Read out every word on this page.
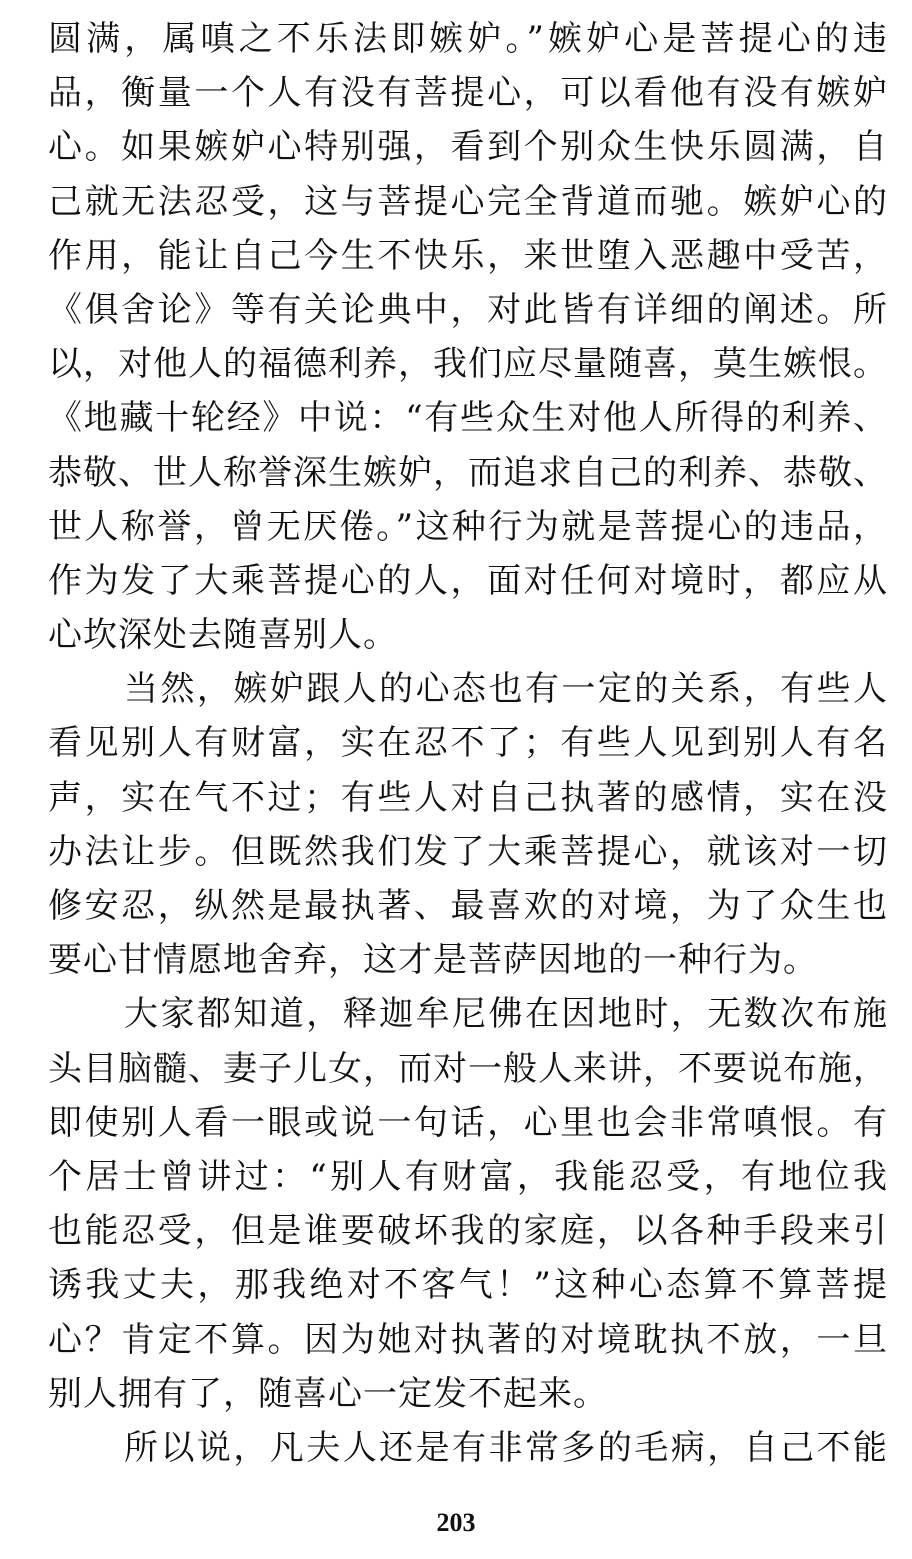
圆满，属嗔之不乐法即嫉妒。”嫉妒心是菩提心的违
品，衡量一个人有没有菩提心，可以看他有没有嫉妒
心。如果嫉妒心特别强，看到个别众生快乐圆满，自
己就无法忍受，这与菩提心完全背道而驰。嫉妒心的
作用，能让自己今生不快乐，来世堕入恶趣中受苦，
《俱舍论》等有关论典中，对此皆有详细的阐述。所
以，对他人的福德利养，我们应尽量随喜，莫生嫉恨。
《地藏十轮经》中说：“有些众生对他人所得的利养、
恭敬、世人称誉深生嫉妒，而追求自己的利养、恭敬、
世人称誉，曾无厌倦。”这种行为就是菩提心的违品，
作为发了大乘菩提心的人，面对任何对境时，都应从
心坎深处去随喜别人。
当然，嫉妒跟人的心态也有一定的关系，有些人
看见别人有财富，实在忍不了；有些人见到别人有名
声，实在气不过；有些人对自己执著的感情，实在没
办法让步。但既然我们发了大乘菩提心，就该对一切
修安忍，纵然是最执著、最喜欢的对境，为了众生也
要心甘情愿地舍弃，这才是菩萨因地的一种行为。
大家都知道，释迦牟尼佛在因地时，无数次布施
头目脑髓、妻子儿女，而对一般人来讲，不要说布施，
即使别人看一眼或说一句话，心里也会非常嗔恨。有
个居士曾讲过：“别人有财富，我能忍受，有地位我
也能忍受，但是谁要破坏我的家庭，以各种手段来引
诱我丈夫，那我绝对不客气！”这种心态算不算菩提
心？肯定不算。因为她对执著的对境耽执不放，一旦
别人拥有了，随喜心一定发不起来。
所以说，凡夫人还是有非常多的毛病，自己不能
203
